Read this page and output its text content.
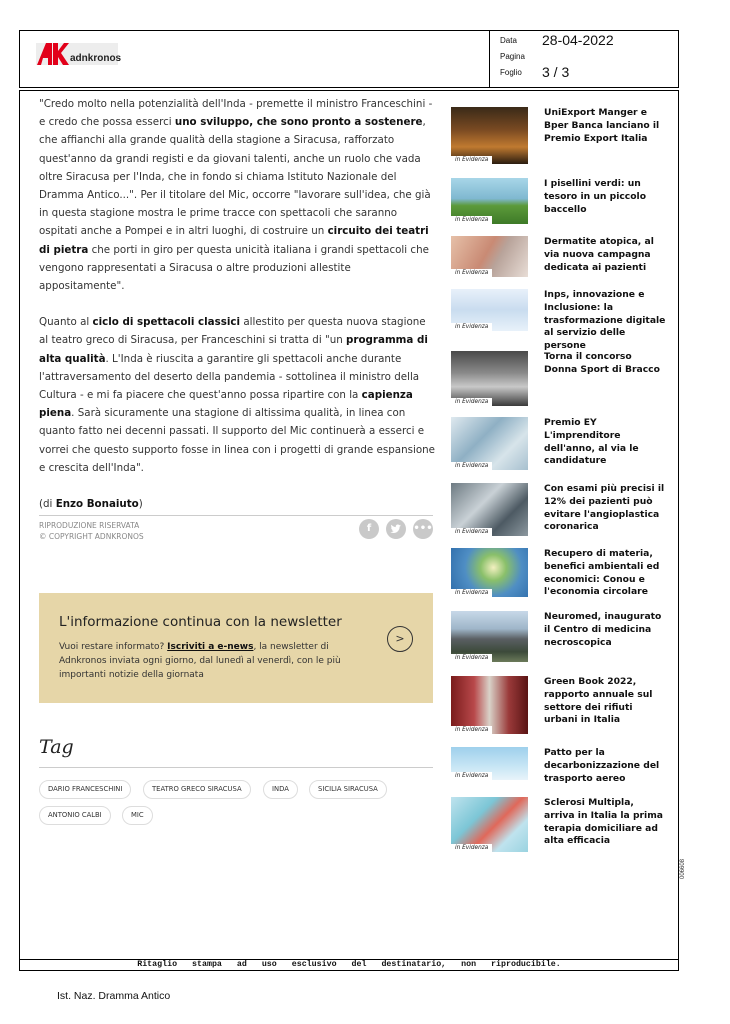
adnkronos
Data 28-04-2022
Pagina
Foglio 3 / 3

"Credo molto nella potenzialità dell'Inda - premette il ministro Franceschini - e credo che possa esserci uno sviluppo, che sono pronto a sostenere, che affianchi alla grande qualità della stagione a Siracusa, rafforzato quest'anno da grandi registi e da giovani talenti, anche un ruolo che vada oltre Siracusa per l'Inda, che in fondo si chiama Istituto Nazionale del Dramma Antico...". Per il titolare del Mic, occorre "lavorare sull'idea, che già in questa stagione mostra le prime tracce con spettacoli che saranno ospitati anche a Pompei e in altri luoghi, di costruire un circuito dei teatri di pietra che porti in giro per questa unicità italiana i grandi spettacoli che vengono rappresentati a Siracusa o altre produzioni allestite appositamente".

Quanto al ciclo di spettacoli classici allestito per questa nuova stagione al teatro greco di Siracusa, per Franceschini si tratta di "un programma di alta qualità. L'Inda è riuscita a garantire gli spettacoli anche durante l'attraversamento del deserto della pandemia - sottolinea il ministro della Cultura - e mi fa piacere che quest'anno possa ripartire con la capienza piena. Sarà sicuramente una stagione di altissima qualità, in linea con quanto fatto nei decenni passati. Il supporto del Mic continuerà a esserci e vorrei che questo supporto fosse in linea con i progetti di grande espansione e crescita dell'Inda".

(di Enzo Bonaiuto)

RIPRODUZIONE RISERVATA
© COPYRIGHT ADNKRONOS
f	•••
L'informazione continua con la newsletter
Vuoi restare informato? Iscriviti a e-news, la newsletter di Adnkronos inviata ogni giorno, dal lunedì al venerdì, con le più importanti notizie della giornata
>
Tag
DARIO FRANCESCHINI	TEATRO GRECO SIRACUSA	INDA	SICILIA SIRACUSA
ANTONIO CALBI	MIC
in Evidenza
UniExport Manger e Bper Banca lanciano il Premio Export Italia
in Evidenza
I pisellini verdi: un tesoro in un piccolo baccello
in Evidenza
Dermatite atopica, al via nuova campagna dedicata ai pazienti
in Evidenza
Inps, innovazione e Inclusione: la trasformazione digitale al servizio delle persone
in Evidenza
Torna il concorso Donna Sport di Bracco
in Evidenza
Premio EY L'imprenditore dell'anno, al via le candidature
in Evidenza
Con esami più precisi il 12% dei pazienti può evitare l'angioplastica coronarica
in Evidenza
Recupero di materia, benefici ambientali ed economici: Conou e l'economia circolare
in Evidenza
Neuromed, inaugurato il Centro di medicina necroscopica
in Evidenza
Green Book 2022, rapporto annuale sul settore dei rifiuti urbani in Italia
in Evidenza
Patto per la decarbonizzazione del trasporto aereo
in Evidenza
Sclerosi Multipla, arriva in Italia la prima terapia domiciliare ad alta efficacia
Ritaglio stampa ad uso esclusivo del destinatario, non riproducibile.
006608
Ist. Naz. Dramma Antico
